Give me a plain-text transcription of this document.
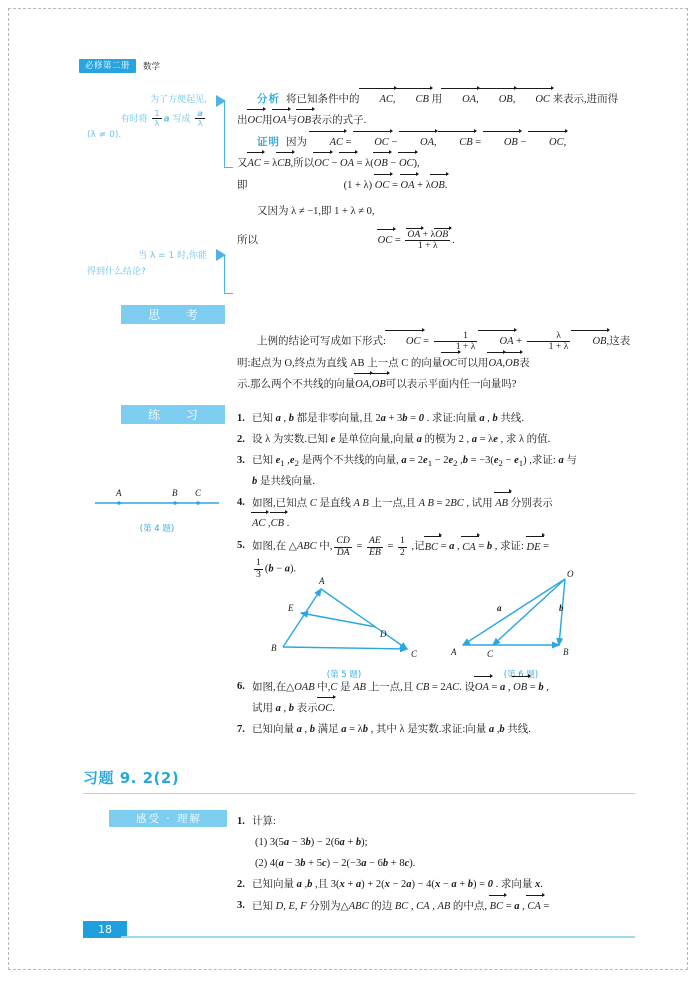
必修第二册	数学
为了方便起见,
有时将 $\frac{1}{\lambda}$ a 写成 $\frac{a}{\lambda}$
(λ ≠ 0).
当 λ = 1 时,你能
得到什么结论?

分析 将已知条件中的 AC, CB 用 OA, OB, OC 来表示,进而得

出OC用OA与OB表示的式子.

证明 因为 AC = OC − OA, CB = OB − OC,

又AC = λCB,所以OC − OA = λ(OB − OC),

即	(1 + λ) OC = OA + λOB.

又因为 λ ≠ −1,即 1 + λ ≠ 0,

所以	OC = $\frac{\text{OA + λOB}}{1 + \lambda}$ .

思 考

上例的结论可写成如下形式: OC = $\frac{1}{1 + \lambda}$ OA + $\frac{\lambda}{1 + \lambda}$ OB,这表

明:起点为 O,终点为直线 AB 上一点 C 的向量OC可以用OA,OB表

示.那么两个不共线的向量OA,OB可以表示平面内任一向量吗?

练 习	1. 已知 a , b 都是非零向量,且 2a + 3b = 0 . 求证:向量 a , b 共线.
2. 设 λ 为实数.已知 e 是单位向量,向量 a 的模为 2 , a = λe , 求 λ 的值.
3. 已知 $e_1$ $,e_2$ 是两个不共线的向量, $a = 2e_1 - 2e_2$ $,b = -3(e_2 - e_1)$ ,求证: a 与
b 是共线向量.
4. 如图,已知点 C 是直线 A B 上一点,且 A B = 2BC , 试用 AB 分别表示
AC ,CB .
5. 如图,在 △ABC 中, $\frac{CD}{DA} = \frac{AE}{EB} = \frac{1}{2}$ ,记BC = a , CA = b , 求证: DE =

$\frac{1}{3} (b - a)$.
A	B C
(第 4 题)
A
B
C
D
E
(第 5 题)
O
A	B
C
a	b
(第 6 题)
6. 如图,在△OAB 中,C 是 AB 上一点,且 CB = 2AC. 设OA = a , OB = b ,
试用 a , b 表示OC.
7. 已知向量 a , b 满足 a = λb , 其中 λ 是实数.求证:向量 a ,b 共线.
习题 9. 2(2)
感受 · 理解	1. 计算:
(1) 3(5a − 3b) − 2(6a + b);
(2) 4(a − 3b + 5c) − 2(−3a − 6b + 8c).
2. 已知向量 a ,b ,且 3(x + a) + 2(x − 2a) − 4(x − a + b) = 0 . 求向量 x.
3. 已知 D, E, F 分别为△ABC 的边 BC , CA , AB 的中点, BC = a , CA =
18
